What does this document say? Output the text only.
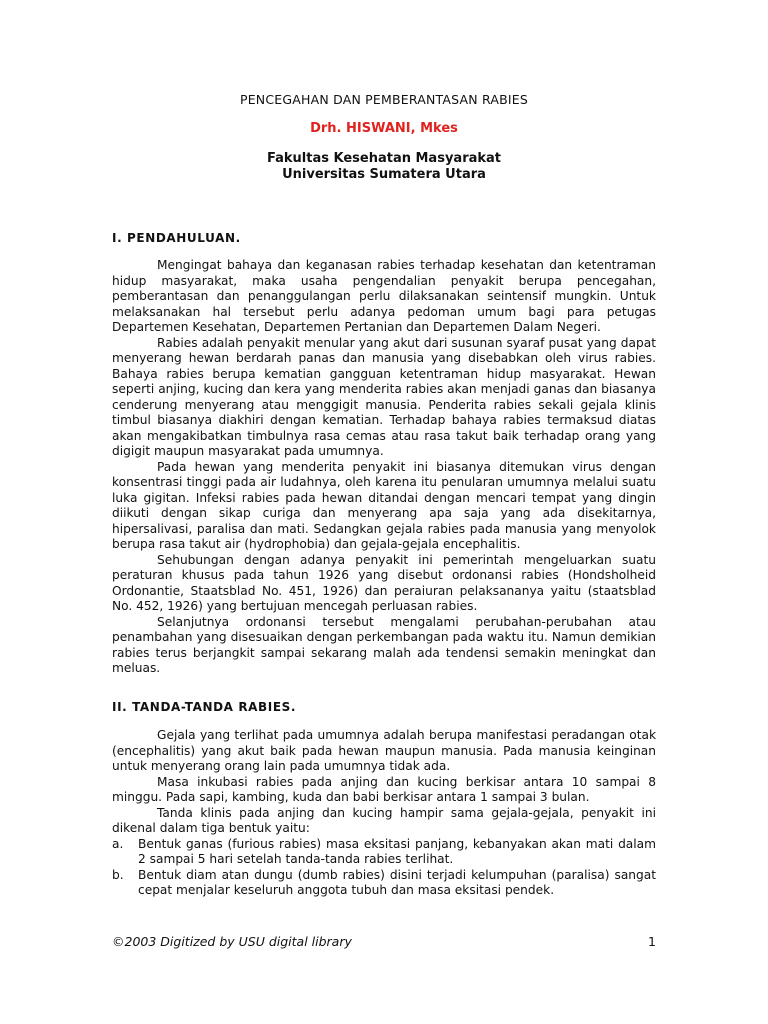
PENCEGAHAN DAN PEMBERANTASAN RABIES
Drh. HISWANI, Mkes
Fakultas Kesehatan Masyarakat
Universitas Sumatera Utara
I. PENDAHULUAN.

Mengingat bahaya dan keganasan rabies terhadap kesehatan dan ketentraman hidup masyarakat, maka usaha pengendalian penyakit berupa pencegahan, pemberantasan dan penanggulangan perlu dilaksanakan seintensif mungkin. Untuk melaksanakan hal tersebut perlu adanya pedoman umum bagi para petugas Departemen Kesehatan, Departemen Pertanian dan Departemen Dalam Negeri.

Rabies adalah penyakit menular yang akut dari susunan syaraf pusat yang dapat menyerang hewan berdarah panas dan manusia yang disebabkan oleh virus rabies. Bahaya rabies berupa kematian gangguan ketentraman hidup masyarakat. Hewan seperti anjing, kucing dan kera yang menderita rabies akan menjadi ganas dan biasanya cenderung menyerang atau menggigit manusia. Penderita rabies sekali gejala klinis timbul biasanya diakhiri dengan kematian. Terhadap bahaya rabies termaksud diatas akan mengakibatkan timbulnya rasa cemas atau rasa takut baik terhadap orang yang digigit maupun masyarakat pada umumnya.

Pada hewan yang menderita penyakit ini biasanya ditemukan virus dengan konsentrasi tinggi pada air ludahnya, oleh karena itu penularan umumnya melalui suatu luka gigitan. Infeksi rabies pada hewan ditandai dengan mencari tempat yang dingin diikuti dengan sikap curiga dan menyerang apa saja yang ada disekitarnya, hipersalivasi, paralisa dan mati. Sedangkan gejala rabies pada manusia yang menyolok berupa rasa takut air (hydrophobia) dan gejala-gejala encephalitis.

Sehubungan dengan adanya penyakit ini pemerintah mengeluarkan suatu peraturan khusus pada tahun 1926 yang disebut ordonansi rabies (Hondsholheid Ordonantie, Staatsblad No. 451, 1926) dan peraiuran pelaksananya yaitu (staatsblad No. 452, 1926) yang bertujuan mencegah perluasan rabies.

Selanjutnya ordonansi tersebut mengalami perubahan-perubahan atau penambahan yang disesuaikan dengan perkembangan pada waktu itu. Namun demikian rabies terus berjangkit sampai sekarang malah ada tendensi semakin meningkat dan meluas.

II. TANDA-TANDA RABIES.

Gejala yang terlihat pada umumnya adalah berupa manifestasi peradangan otak (encephalitis) yang akut baik pada hewan maupun manusia. Pada manusia keinginan untuk menyerang orang lain pada umumnya tidak ada.

Masa inkubasi rabies pada anjing dan kucing berkisar antara 10 sampai 8 minggu. Pada sapi, kambing, kuda dan babi berkisar antara 1 sampai 3 bulan.

Tanda klinis pada anjing dan kucing hampir sama gejala-gejala, penyakit ini dikenal dalam tiga bentuk yaitu:

a. Bentuk ganas (furious rabies) masa eksitasi panjang, kebanyakan akan mati dalam 2 sampai 5 hari setelah tanda-tanda rabies terlihat.
b. Bentuk diam atan dungu (dumb rabies) disini terjadi kelumpuhan (paralisa) sangat cepat menjalar keseluruh anggota tubuh dan masa eksitasi pendek.
©2003 Digitized by USU digital library	1
